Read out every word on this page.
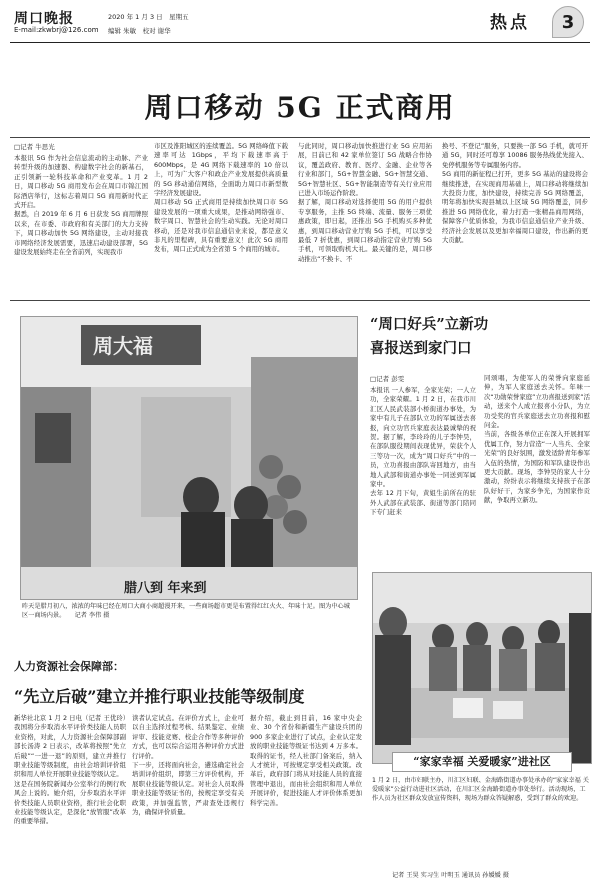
周口晚报
E-mail:zkwbrj@126.com
2020 年 1 月 3 日　星期五
编辑 朱敏　校对 谢华	热点	3
周口移动 5G 正式商用
□记者 牛思光
本报讯 5G 作为社会信息流动的主动脉、产业转型升级的加速器、构建数字社会的新基石，正引领新一轮科技革命和产业变革。1 月 2 日，周口移动 5G 商用发布会在周口市锦江国际酒店举行，这标志着周口 5G 商用新时代正式开启。
据悉，自 2019 年 6 月 6 日获发 5G 商用牌照以来，在市委、市政府和有关部门的大力支持下，周口移动加快 5G 网络建设，主动对接我市网络经济发展需要，迅速启动建设部署，5G 建设发展始终走在全省前列，实现我市
市区及淮阳城区的连续覆盖。5G 网络峰值下载速率可达 1Gbps，平均下载速率高于 600Mbps，是 4G 网络下载速率的 10 倍以上，可为广大客户和政企产业发展提供高质量的 5G 移动通信网络，全面助力周口市新型数字经济发展建设。
周口移动 5G 正式商用是持续加快周口市 5G 建设发展的一项重大成果，是推动网络强市、数字周口、智慧社会的生动实践。无论对周口移动，还是对我市信息通信业来说，都是意义非凡的里程碑，具有重要意义！此次 5G 商用发布，周口正式成为全省第 5 个商用的城市。
与此同时，周口移动加快推进行业 5G 应用拓展，目前已和 42 家单位签订 5G 战略合作协议，覆盖政府、教育、医疗、金融、企业等各行业和部门，5G+智慧金融、5G+智慧交通、5G+智慧社区、5G+智能制造等有关行业应用已进入市场运作阶段。
据了解，周口移动对选择使用 5G 的用户提供专享服务，主推 5G 终端、流量、服务三项优惠政策，即日起，还推出 5G 手机购买多种优惠，到周口移动营业厅购 5G 手机，可以享受最低 7 折优惠，到周口移动指定营业厅购 5G 手机，可领取购机大礼。最关键的是，周口移动推出“不换卡、不
换号、不登记”服务，只要换一部 5G 手机，就可开通 5G，同时还可尊享 10086 服务热线优先接入、免停机服务等专属服务内容。
5G 商用的新征程已打开，更多 5G 基站的建设将会继续推进，在实现商用基础上，周口移动将继续加大投资力度，加快建设，持续完善 5G 网络覆盖，明年将加快实现县城以上区域 5G 网络覆盖，同步推进 5G 网络优化，着力打造一张精品商用网络，保障客户优质体验，为我市信息通信业产业升级、经济社会发展以及更加幸福周口建设，作出新的更大贡献。
周大福
腊八到 年来到
昨天是腊月初八，浓浓的年味已经在周口大商小商超漫开来，一些商场超市更是布置得红红火火、年味十足。图为中心城区一商场内景。　　记者 李伟 摄
“周口好兵”立新功
喜报送到家门口
□记者 彭雯
本报讯 一人参军，全家光荣；一人立功，全家荣耀。1 月 2 日，在我市川汇区人民武装部小桥街道办事处，为家中有儿子在部队立功的军属送去喜报，向立功官兵家庭表达最诚挚的祝贺。据了解，李玲玲的儿子李钟昊，在部队服役期间表现优异，荣获个人三等功一次，成为“周口好兵”中的一员，立功喜报由部队寄回地方，由当地人武部和街道办事处一同送到军属家中。
去年 12 月下旬，黄姐生前所在的驻外人武部在武装部、街道等部门陪同下专门赶来
同颂唱，为使军人的荣誉向家庭延伸，为军人家庭送去关怀。年味一次“功勋荣誉家庭”立功喜报送到家”活动，送来个人成立报喜小分队，为立功受奖的官兵家庭送去立功喜报和慰问金。
当前，各级各单位正在深入开展拥军优属工作，努力营造“一人当兵、全家光荣”的良好氛围，激发适龄青年参军入伍的热情，为国防和军队建设作出更大贡献。现场，李钟昊的家人十分激动，纷纷表示将继续支持孩子在部队好好干，为家乡争光，为国家作贡献，争取再立新功。
人力资源社会保障部：
“先立后破”建立并推行职业技能等级制度
新华社北京 1 月 2 日电（记者 王优玲）我国将分步取消水平评价类技能人员职业资格，对此，人力资源社会保障部副部长汤涛 2 日表示，改革将按照“先立后破”“一进一退”的原则，建立并推行职业技能等级制度，由社会培训评价组织和用人单位开展职业技能等级认定。
这是在国务院新闻办公室举行的例行吹风会上说的。她介绍，分步取消水平评价类技能人员职业资格，推行社会化职业技能等级认定，是深化“放管服”改革的重要举措。
读者认定试点。在评价方式上，企业可以自主选择过程考核、结果鉴定、业绩评审、技能竞赛、校企合作等多种评价方式，也可以综合运用各种评价方式进行评价。
下一步，还将面向社会，遴选确定社会培训评价组织，即第三方评价机构，开展职业技能等级认定。对社会人员取得职业技能等级证书的，按规定享受有关政策，并加强监管，严肃查处违规行为，确保评价质量。
据介绍，截止到目前，16 家中央企业、30 个省份和新疆生产建设兵团的 900 多家企业进行了试点，企业认定发放的职业技能等级证书达到 4 万多本。取得的证书，经人社部门备案后，纳入人才统计，可按规定享受相关政策。改革后，政府部门将从对技能人员的直接管理中退出，而由社会组织和用人单位开展评价，促进技能人才评价体系更加科学完善。
“家家幸福 关爱暖家”进社区
1 月 2 日，由市妇联主办，川汇区妇联、金海路街道办事处承办的“家家幸福 关爱暖家”公益行动进社区活动，在川汇区金海路街道办事处举行。活动现场，工作人员为社区群众发放宣传资料，现场为群众答疑解惑，受到了群众的欢迎。
记者 王昊 实习生 叶明玉 通讯员 孙媛媛 摄
